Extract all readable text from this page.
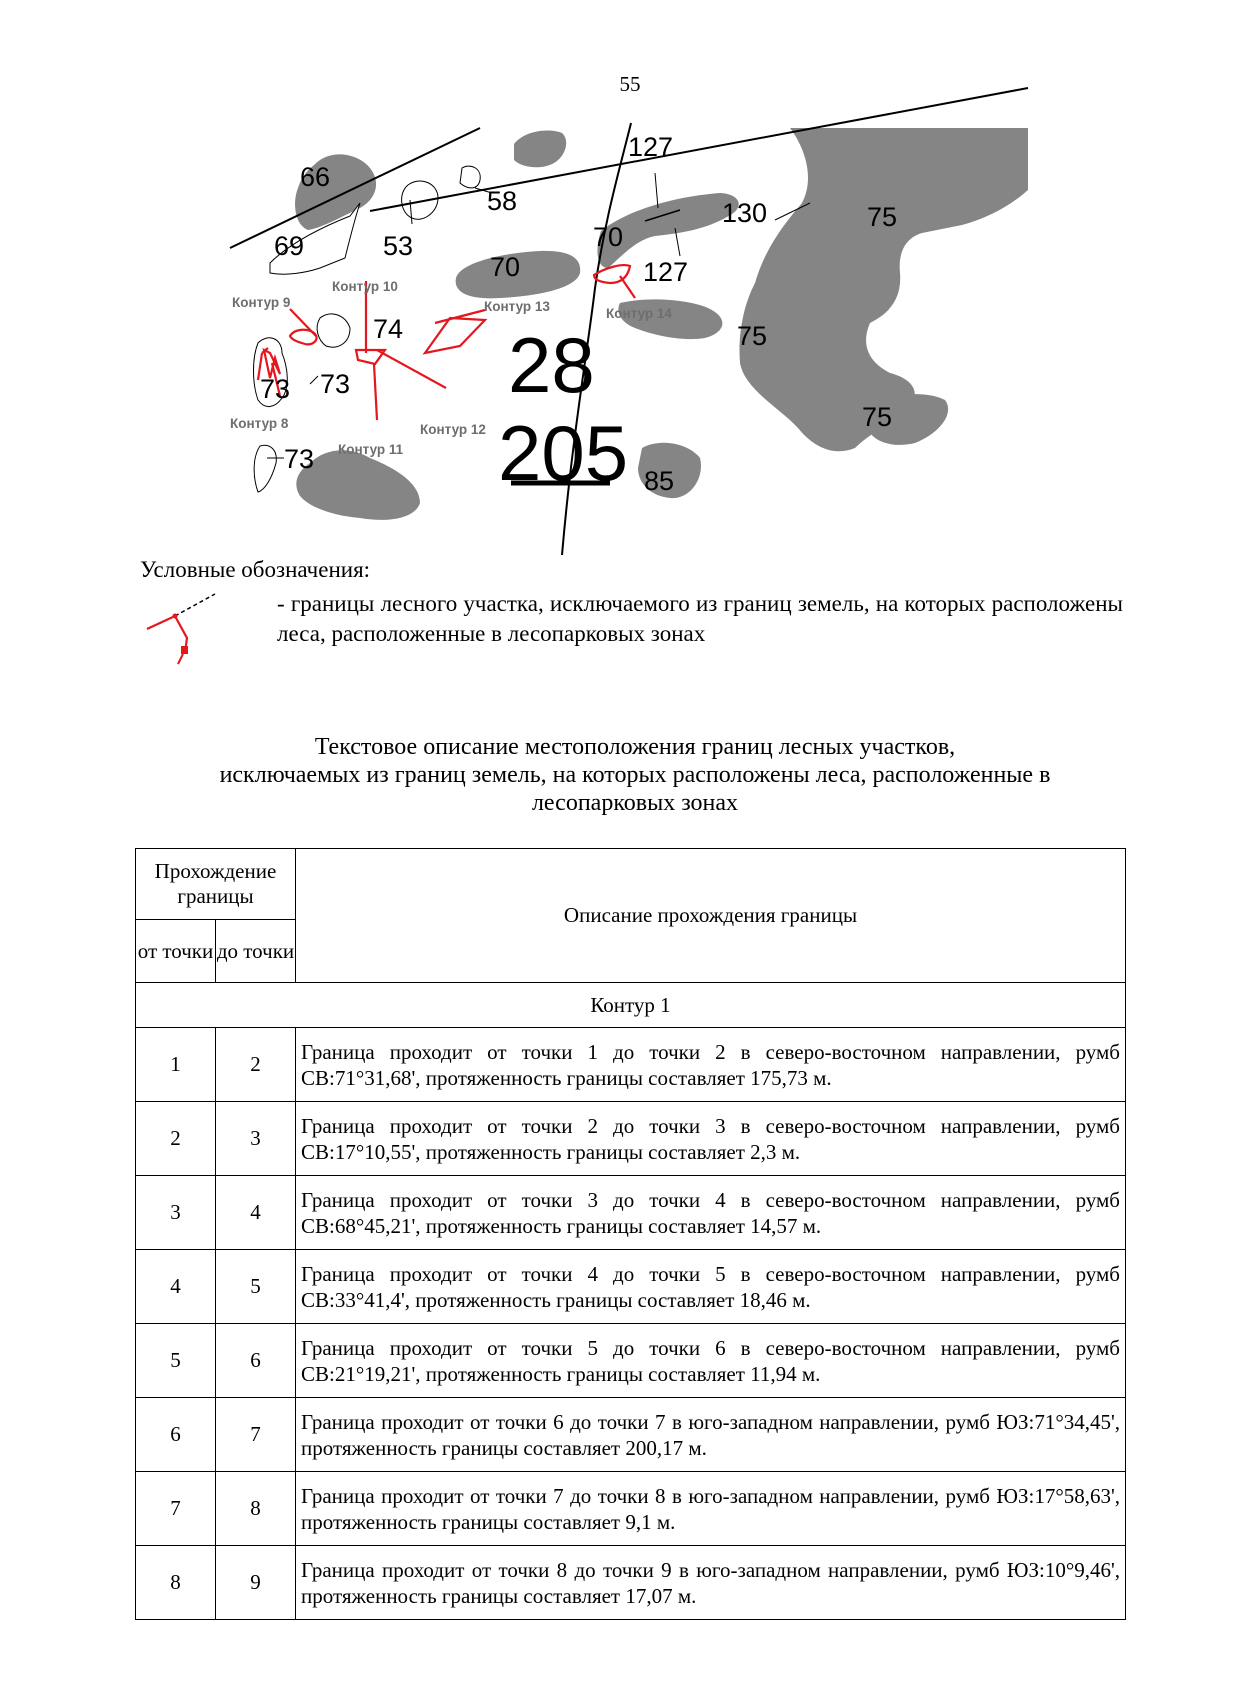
55
66
69	53
58
127
127
130	75
70
70
75
75
74
73 73
73
85
28
205
Контур 8
Контур 9
Контур 10
Контур 11
Контур 12
Контур 13	Контур 14
Условные обозначения:
- границы лесного участка, исключаемого из границ земель, на которых расположены леса, расположенные в лесопарковых зонах
Текстовое описание местоположения границ лесных участков,
исключаемых из границ земель, на которых расположены леса, расположенные в
лесопарковых зонах
Прохождение границы		Описание прохождения границы
от точки	до точки	
Контур 1		
1	2	Граница проходит от точки 1 до точки 2 в северо-восточном направлении, румб СВ:71°31,68', протяженность границы составляет 175,73 м.
2	3	Граница проходит от точки 2 до точки 3 в северо-восточном направлении, румб СВ:17°10,55', протяженность границы составляет 2,3 м.
3	4	Граница проходит от точки 3 до точки 4 в северо-восточном направлении, румб СВ:68°45,21', протяженность границы составляет 14,57 м.
4	5	Граница проходит от точки 4 до точки 5 в северо-восточном направлении, румб СВ:33°41,4', протяженность границы составляет 18,46 м.
5	6	Граница проходит от точки 5 до точки 6 в северо-восточном направлении, румб СВ:21°19,21', протяженность границы составляет 11,94 м.
6	7	Граница проходит от точки 6 до точки 7 в юго-западном направлении, румб ЮЗ:71°34,45', протяженность границы составляет 200,17 м.
7	8	Граница проходит от точки 7 до точки 8 в юго-западном направлении, румб ЮЗ:17°58,63', протяженность границы составляет 9,1 м.
8	9	Граница проходит от точки 8 до точки 9 в юго-западном направлении, румб ЮЗ:10°9,46', протяженность границы составляет 17,07 м.
